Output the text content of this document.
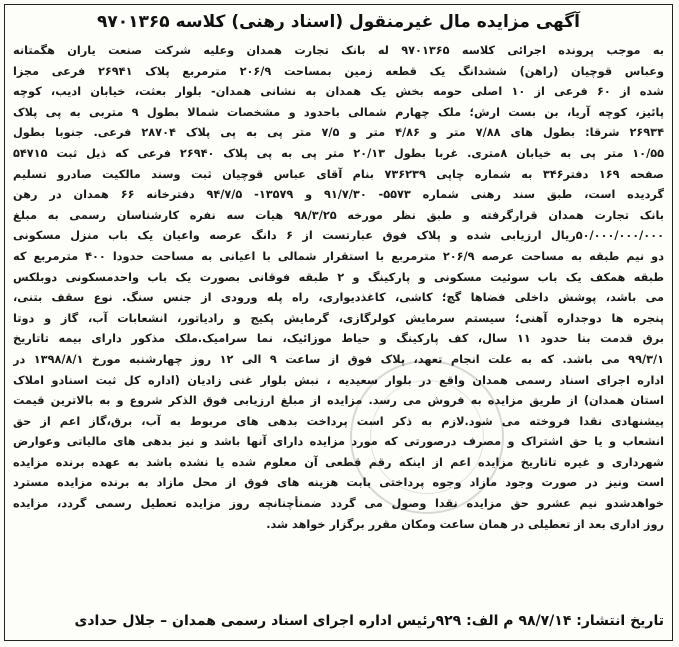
آگهی مزایده مال غیرمنقول (اسناد رهنی) کلاسه ۹۷۰۱۳۶۵
به موجب پرونده اجرائی کلاسه ۹۷۰۱۳۶۵ له بانک تجارت همدان وعلیه شرکت صنعت یاران هگمتانه
وعباس قوچیان (راهن) ششدانگ یک قطعه زمین بمساحت ۲۰۶/۹ مترمربع پلاک ۲۶۹۴۱ فرعی مجزا
شده از ۶۰ فرعی از ۱۰ اصلی حومه بخش یک همدان به نشانی همدان- بلوار بعثت، خیابان ادیب، کوچه
پائیز، کوچه آریا، بن بست ارش؛ ملک چهارم شمالی باحدود و مشخصات شمالا بطول ۹ متربی به پی پلاک
۲۶۹۳۴ شرقا: بطول های ۷/۸۸ متر و ۴/۸۶ متر و ۷/۵ متر پی به پی پلاک ۲۸۷۰۴ فرعی. جنوبا بطول
۱۰/۵۵ متر پی به خیابان ۸متری. غربا بطول ۲۰/۱۳ متر پی به پی پلاک ۲۶۹۴۰ فرعی که ذیل ثبت ۵۴۷۱۵
صفحه ۱۶۹ دفتر۳۴۶ به شماره چاپی ۷۳۶۲۳۹ بنام آقای عباس قوچیان ثبت وسند مالکیت صادرو تسلیم
گردیده است، طبق سند رهنی شماره ۵۵۷۳- ۹۱/۷/۳۰ و ۱۳۵۷۹- ۹۴/۷/۵ دفترخانه ۶۶ همدان در رهن
بانک تجارت همدان قرارگرفته و طبق نظر مورخه ۹۸/۳/۲۵ هیات سه نفره کارشناسان رسمی به مبلغ
۵۰/۰۰۰/۰۰۰/۰۰۰ریال ارزیابی شده و پلاک فوق عبارتست از ۶ دانگ عرصه واعیان یک باب منزل مسکونی
دو نیم طبقه به مساحت عرصه ۲۰۶/۹ مترمربع با استقرار شمالی با اعیانی به مساحت حدودا ۴۰۰ مترمربع که
طبقه همکف یک باب سوئیت مسکونی و پارکینگ و ۲ طبقه فوقانی بصورت یک باب واحدمسکونی دوبلکس
می باشد، پوشش داخلی فضاها گچ؛ کاشی، کاغذدیواری، راه پله ورودی از جنس سنگ. نوع سقف بتنی،
پنجره ها دوجداره آهنی؛ سیستم سرمایش کولرگازی، گرمایش پکیج و رادیاتور، انشعابات آب، گاز و دوتا
برق قدمت بنا حدود ۱۱ سال، کف پارکینگ و حیاط موزائیک، نما سرامیک.ملک مذکور دارای بیمه تاتاریخ
۹۹/۳/۱ می باشد. که به علت انجام تعهد، پلاک فوق از ساعت ۹ الی ۱۲ روز چهارشنبه مورخ ۱۳۹۸/۸/۱ در
اداره اجرای اسناد رسمی همدان واقع در بلوار سعیدیه ، نبش بلوار غنی زادیان (اداره کل ثبت اسنادو املاک
استان همدان) از طریق مزایده به فروش می رسد. مزایده از مبلغ ارزیابی فوق الذکر شروع و به بالاترین قیمت
پیشنهادی نقدا فروخته می شود.لازم به ذکر است پرداخت بدهی های مربوط به آب، برق،گاز اعم از حق
انشعاب و یا حق اشتراک و مصرف درصورتی که مورد مزایده دارای آنها باشد و نیز بدهی های مالیاتی وعوارض
شهرداری و غیره تاتاریخ مزایده اعم از اینکه رقم قطعی آن معلوم شده یا نشده باشد به عهده برنده مزایده
است ونیز در صورت وجود مازاد وجوه پرداختی بابت هزینه های فوق از محل مازاد به برنده مزایده مسترد
خواهدشدو نیم عشرو حق مزایده نقدا وصول می گردد ضمنأچنانچه روز مزایده تعطیل رسمی گردد، مزایده
روز اداری بعد از تعطیلی در همان ساعت ومکان مقرر برگزار خواهد شد.
تاریخ انتشار: ۹۸/۷/۱۴ م الف: ۹۲۹رئیس اداره اجرای اسناد رسمی همدان – جلال حدادی
